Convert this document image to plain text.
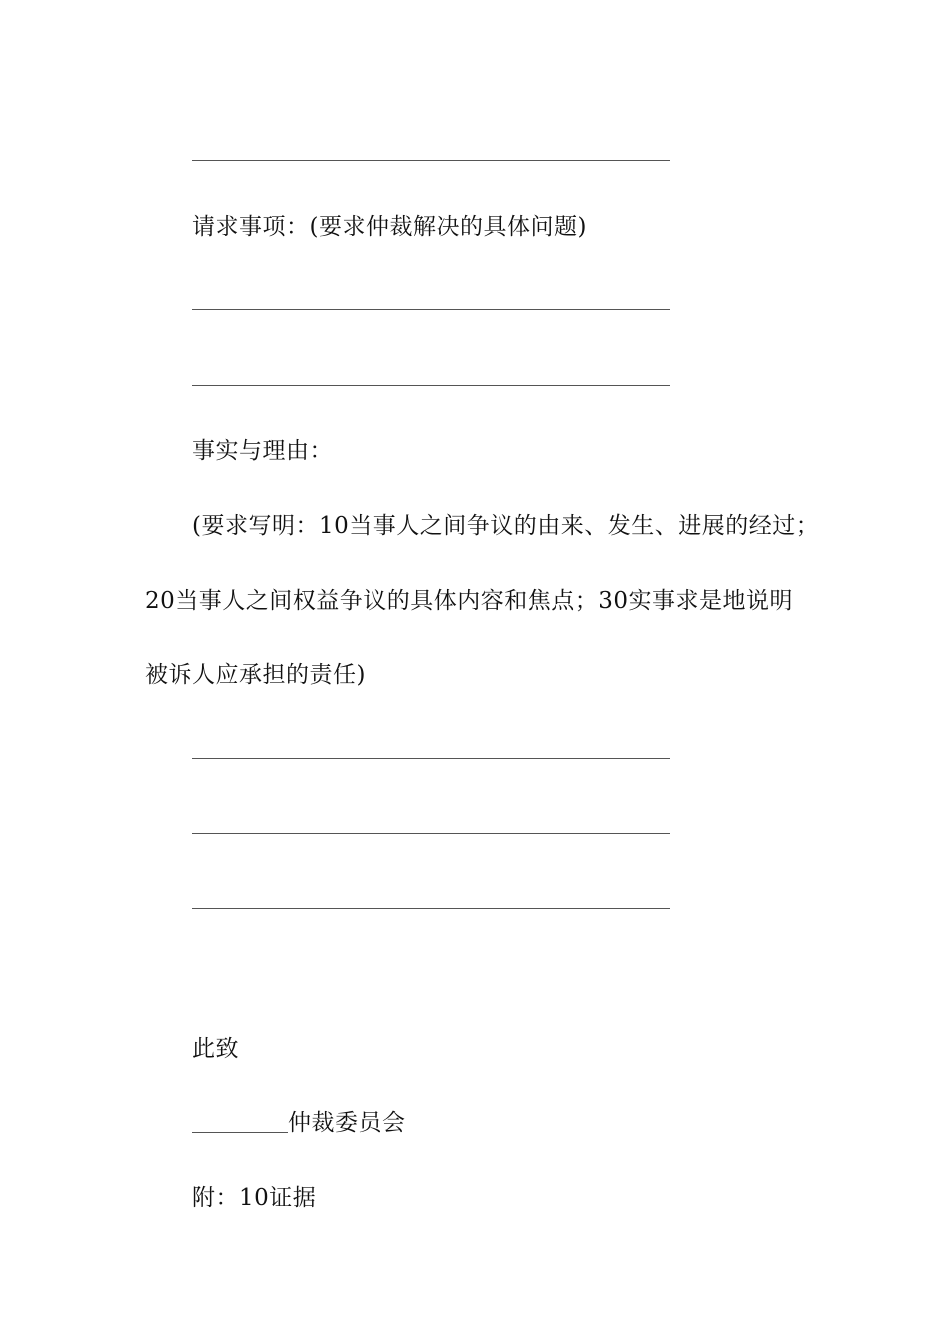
请求事项：(要求仲裁解决的具体问题)
事实与理由：
(要求写明：10当事人之间争议的由来、发生、进展的经过；
20当事人之间权益争议的具体内容和焦点；30实事求是地说明
被诉人应承担的责任)
此致
仲裁委员会
附：10证据
